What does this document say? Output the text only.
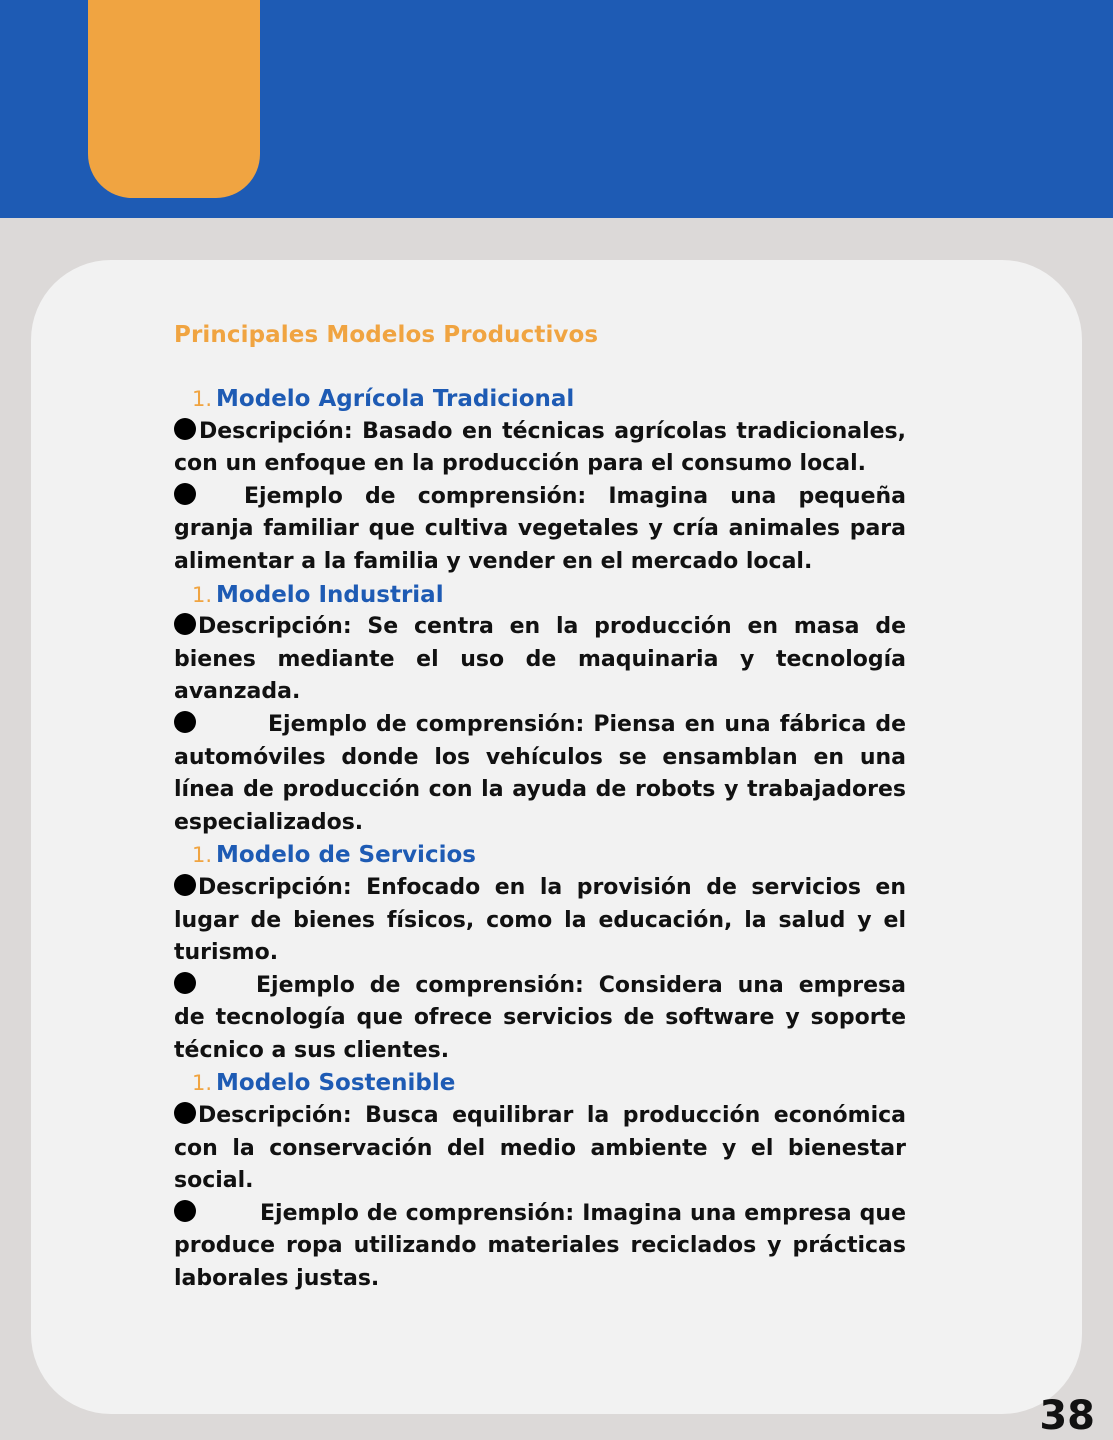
Principales Modelos Productivos
1. Modelo Agrícola Tradicional

Descripción: Basado en técnicas agrícolas tradicionales, con un enfoque en la producción para el consumo local.

Ejemplo de comprensión: Imagina una pequeña granja familiar que cultiva vegetales y cría animales para alimentar a la familia y vender en el mercado local.

1. Modelo Industrial

Descripción: Se centra en la producción en masa de bienes mediante el uso de maquinaria y tecnología avanzada.

Ejemplo de comprensión: Piensa en una fábrica de automóviles donde los vehículos se ensamblan en una línea de producción con la ayuda de robots y trabajadores especializados.

1. Modelo de Servicios

Descripción: Enfocado en la provisión de servicios en lugar de bienes físicos, como la educación, la salud y el turismo.

Ejemplo de comprensión: Considera una empresa de tecnología que ofrece servicios de software y soporte técnico a sus clientes.

1. Modelo Sostenible

Descripción: Busca equilibrar la producción económica con la conservación del medio ambiente y el bienestar social.

Ejemplo de comprensión: Imagina una empresa que produce ropa utilizando materiales reciclados y prácticas laborales justas.

38
